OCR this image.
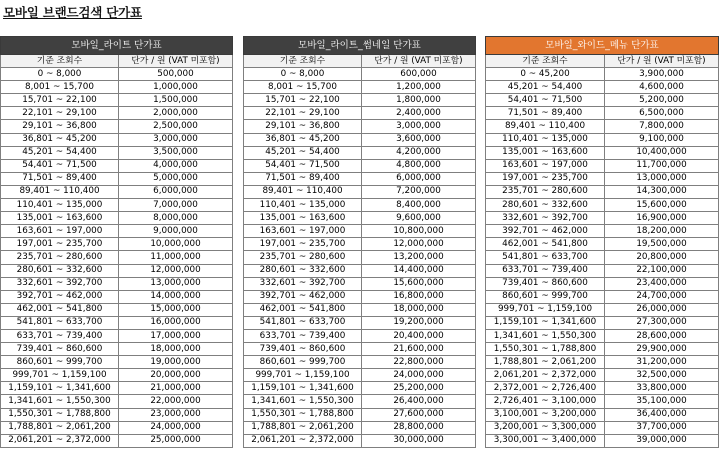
모바일 브랜드검색 단가표
모바일_라이트 단가표	
기준 조회수	단가 / 원 (VAT 미포함)
0 ~ 8,000	500,000
8,001 ~ 15,700	1,000,000
15,701 ~ 22,100	1,500,000
22,101 ~ 29,100	2,000,000
29,101 ~ 36,800	2,500,000
36,801 ~ 45,200	3,000,000
45,201 ~ 54,400	3,500,000
54,401 ~ 71,500	4,000,000
71,501 ~ 89,400	5,000,000
89,401 ~ 110,400	6,000,000
110,401 ~ 135,000	7,000,000
135,001 ~ 163,600	8,000,000
163,601 ~ 197,000	9,000,000
197,001 ~ 235,700	10,000,000
235,701 ~ 280,600	11,000,000
280,601 ~ 332,600	12,000,000
332,601 ~ 392,700	13,000,000
392,701 ~ 462,000	14,000,000
462,001 ~ 541,800	15,000,000
541,801 ~ 633,700	16,000,000
633,701 ~ 739,400	17,000,000
739,401 ~ 860,600	18,000,000
860,601 ~ 999,700	19,000,000
999,701 ~ 1,159,100	20,000,000
1,159,101 ~ 1,341,600	21,000,000
1,341,601 ~ 1,550,300	22,000,000
1,550,301 ~ 1,788,800	23,000,000
1,788,801 ~ 2,061,200	24,000,000
2,061,201 ~ 2,372,000	25,000,000
모바일_라이트_썸네일 단가표	
기준 조회수	단가 / 원 (VAT 미포함)
0 ~ 8,000	600,000
8,001 ~ 15,700	1,200,000
15,701 ~ 22,100	1,800,000
22,101 ~ 29,100	2,400,000
29,101 ~ 36,800	3,000,000
36,801 ~ 45,200	3,600,000
45,201 ~ 54,400	4,200,000
54,401 ~ 71,500	4,800,000
71,501 ~ 89,400	6,000,000
89,401 ~ 110,400	7,200,000
110,401 ~ 135,000	8,400,000
135,001 ~ 163,600	9,600,000
163,601 ~ 197,000	10,800,000
197,001 ~ 235,700	12,000,000
235,701 ~ 280,600	13,200,000
280,601 ~ 332,600	14,400,000
332,601 ~ 392,700	15,600,000
392,701 ~ 462,000	16,800,000
462,001 ~ 541,800	18,000,000
541,801 ~ 633,700	19,200,000
633,701 ~ 739,400	20,400,000
739,401 ~ 860,600	21,600,000
860,601 ~ 999,700	22,800,000
999,701 ~ 1,159,100	24,000,000
1,159,101 ~ 1,341,600	25,200,000
1,341,601 ~ 1,550,300	26,400,000
1,550,301 ~ 1,788,800	27,600,000
1,788,801 ~ 2,061,200	28,800,000
2,061,201 ~ 2,372,000	30,000,000
모바일_와이드_메뉴 단가표	
기준 조회수	단가 / 원 (VAT 미포함)
0 ~ 45,200	3,900,000
45,201 ~ 54,400	4,600,000
54,401 ~ 71,500	5,200,000
71,501 ~ 89,400	6,500,000
89,401 ~ 110,400	7,800,000
110,401 ~ 135,000	9,100,000
135,001 ~ 163,600	10,400,000
163,601 ~ 197,000	11,700,000
197,001 ~ 235,700	13,000,000
235,701 ~ 280,600	14,300,000
280,601 ~ 332,600	15,600,000
332,601 ~ 392,700	16,900,000
392,701 ~ 462,000	18,200,000
462,001 ~ 541,800	19,500,000
541,801 ~ 633,700	20,800,000
633,701 ~ 739,400	22,100,000
739,401 ~ 860,600	23,400,000
860,601 ~ 999,700	24,700,000
999,701 ~ 1,159,100	26,000,000
1,159,101 ~ 1,341,600	27,300,000
1,341,601 ~ 1,550,300	28,600,000
1,550,301 ~ 1,788,800	29,900,000
1,788,801 ~ 2,061,200	31,200,000
2,061,201 ~ 2,372,000	32,500,000
2,372,001 ~ 2,726,400	33,800,000
2,726,401 ~ 3,100,000	35,100,000
3,100,001 ~ 3,200,000	36,400,000
3,200,001 ~ 3,300,000	37,700,000
3,300,001 ~ 3,400,000	39,000,000
